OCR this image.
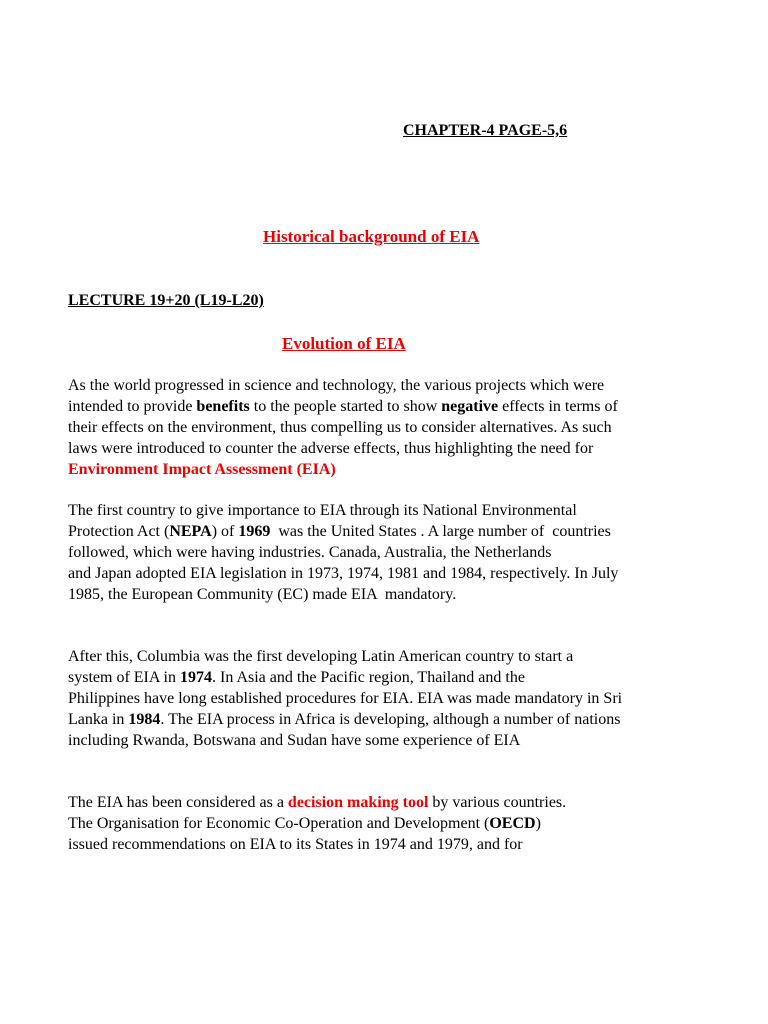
CHAPTER-4 PAGE-5,6
Historical background of EIA
LECTURE 19+20 (L19-L20)
Evolution of EIA
As the world progressed in science and technology, the various projects which were
intended to provide benefits to the people started to show negative effects in terms of
their effects on the environment, thus compelling us to consider alternatives. As such
laws were introduced to counter the adverse effects, thus highlighting the need for
Environment Impact Assessment (EIA)
The first country to give importance to EIA through its National Environmental
Protection Act (NEPA) of 1969  was the United States . A large number of  countries
followed, which were having industries. Canada, Australia, the Netherlands
and Japan adopted EIA legislation in 1973, 1974, 1981 and 1984, respectively. In July
1985, the European Community (EC) made EIA  mandatory.
After this, Columbia was the first developing Latin American country to start a
system of EIA in 1974. In Asia and the Pacific region, Thailand and the
Philippines have long established procedures for EIA. EIA was made mandatory in Sri
Lanka in 1984. The EIA process in Africa is developing, although a number of nations
including Rwanda, Botswana and Sudan have some experience of EIA
The EIA has been considered as a decision making tool by various countries.
The Organisation for Economic Co-Operation and Development (OECD)
issued recommendations on EIA to its States in 1974 and 1979, and for
